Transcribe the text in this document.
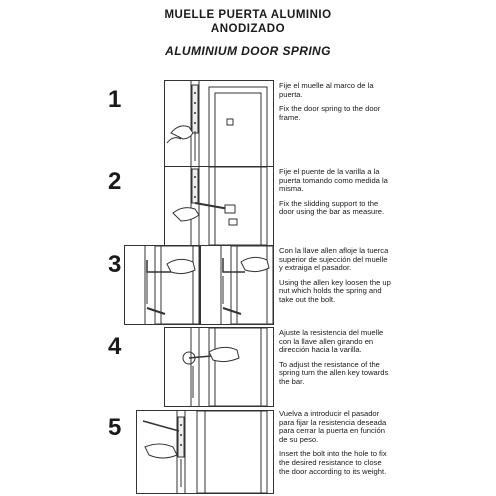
MUELLE PUERTA ALUMINIO
ANODIZADO
ALUMINIUM DOOR SPRING
1

Fije el muelle al marco de la puerta.

Fix the door spring to the door frame.

2	Fije el puente de la varilla a la puerta tomando como medida la misma.

Fix the slidding support to the door using the bar as measure.

3

Con la llave allen afloje la tuerca superior de sujección del muelle y extraiga el pasador.

Using the allen key loosen the up nut which holds the spring and take out the bolt.

4

Ajuste la resistencia del muelle con la llave allen girando en dirección hacia la varilla.

To adjust the resistance of the spring turn the allen key towards the bar.

5

Vuelva a introducir el pasador para fijar la resistencia deseada para cerrar la puerta en función de su peso.

Insert the bolt into the hole to fix the desired resistance to close the door according to its weight.
